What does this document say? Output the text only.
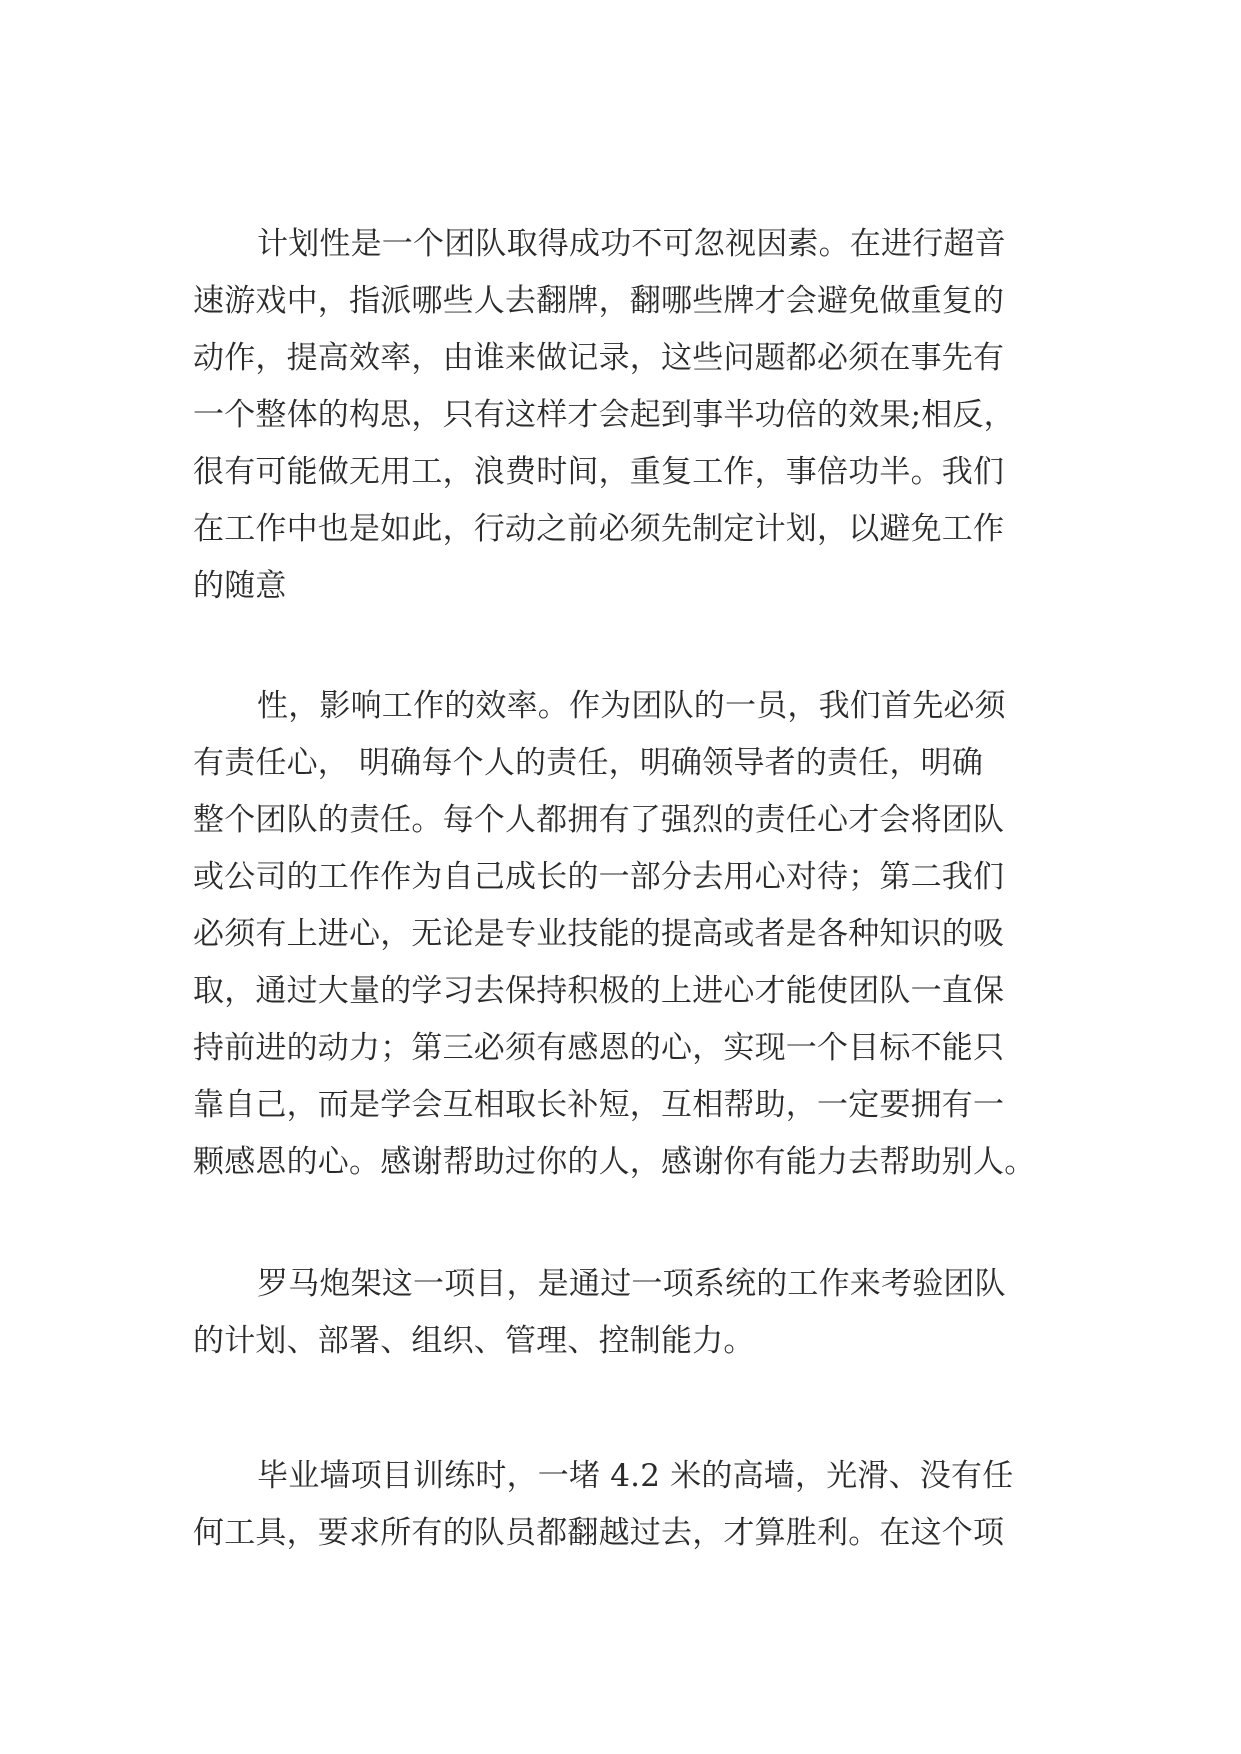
计划性是一个团队取得成功不可忽视因素。在进行超音
速游戏中，指派哪些人去翻牌，翻哪些牌才会避免做重复的
动作，提高效率，由谁来做记录，这些问题都必须在事先有
一个整体的构思，只有这样才会起到事半功倍的效果;相反，
很有可能做无用工，浪费时间，重复工作，事倍功半。我们
在工作中也是如此，行动之前必须先制定计划，以避免工作
的随意
性，影响工作的效率。作为团队的一员，我们首先必须
有责任心， 明确每个人的责任，明确领导者的责任，明确
整个团队的责任。每个人都拥有了强烈的责任心才会将团队
或公司的工作作为自己成长的一部分去用心对待；第二我们
必须有上进心，无论是专业技能的提高或者是各种知识的吸
取，通过大量的学习去保持积极的上进心才能使团队一直保
持前进的动力；第三必须有感恩的心，实现一个目标不能只
靠自己，而是学会互相取长补短，互相帮助，一定要拥有一
颗感恩的心。感谢帮助过你的人，感谢你有能力去帮助别人。
罗马炮架这一项目，是通过一项系统的工作来考验团队
的计划、部署、组织、管理、控制能力。
毕业墙项目训练时，一堵 4.2 米的高墙，光滑、没有任
何工具，要求所有的队员都翻越过去，才算胜利。在这个项
